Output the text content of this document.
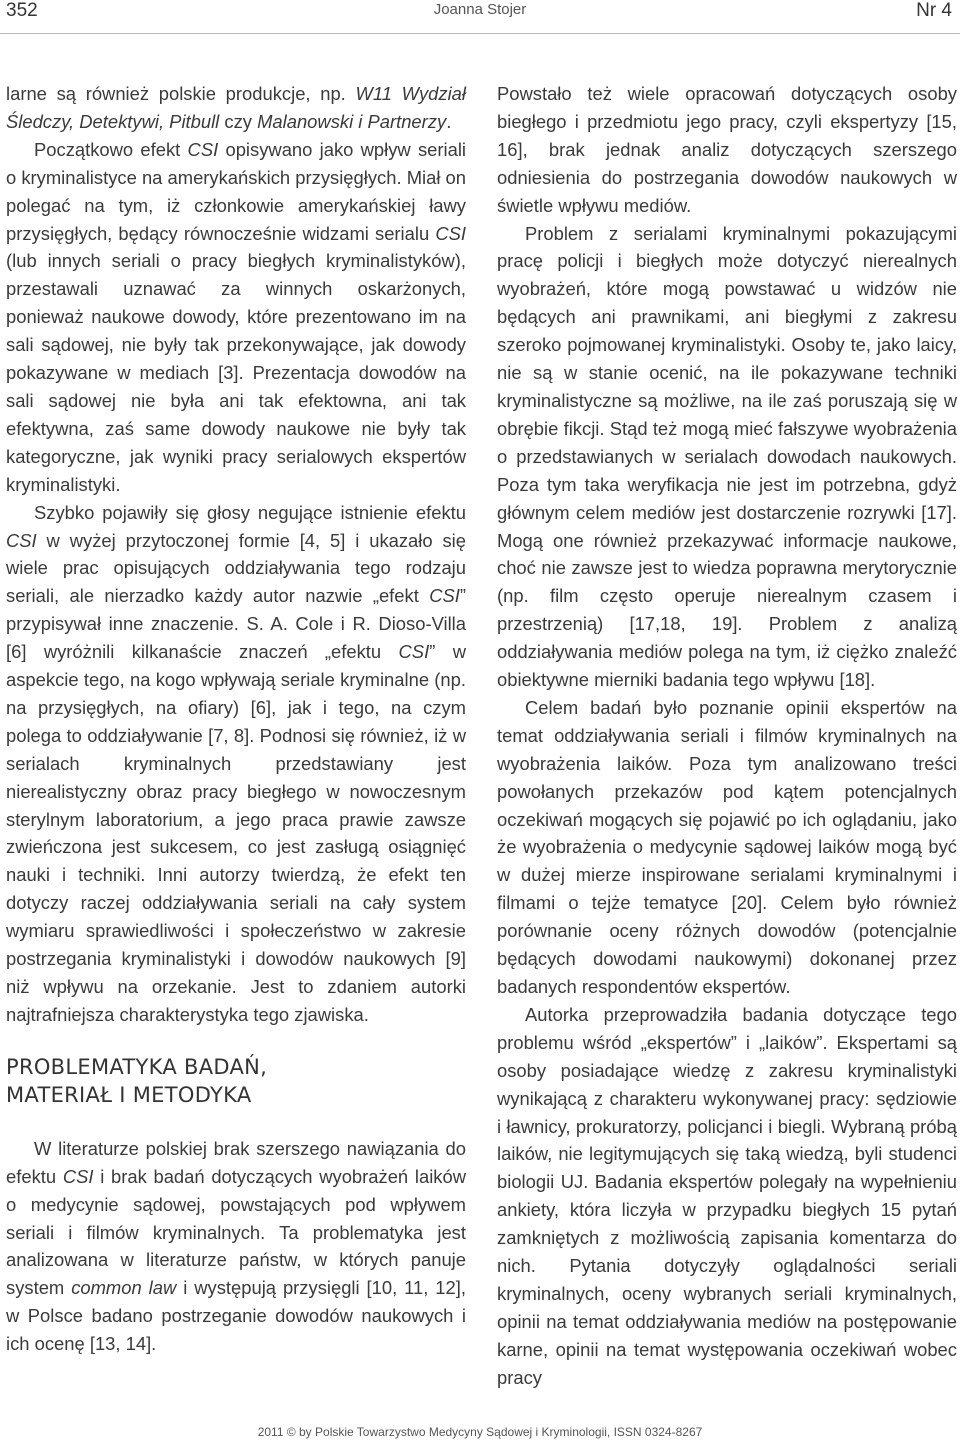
352	Joanna Stojer	Nr 4

larne są również polskie produkcje, np. W11 Wydział Śledczy, Detektywi, Pitbull czy Malanowski i Partnerzy.

Początkowo efekt CSI opisywano jako wpływ seriali o kryminalistyce na amerykańskich przysięgłych. Miał on polegać na tym, iż członkowie amerykańskiej ławy przysięgłych, będący równocześnie widzami serialu CSI (lub innych seriali o pracy biegłych kryminalistyków), przestawali uznawać za winnych oskarżonych, ponieważ naukowe dowody, które prezentowano im na sali sądowej, nie były tak przekonywające, jak dowody pokazywane w mediach [3]. Prezentacja dowodów na sali sądowej nie była ani tak efektowna, ani tak efektywna, zaś same dowody naukowe nie były tak kategoryczne, jak wyniki pracy serialowych ekspertów kryminalistyki.

Szybko pojawiły się głosy negujące istnienie efektu CSI w wyżej przytoczonej formie [4, 5] i ukazało się wiele prac opisujących oddziaływania tego rodzaju seriali, ale nierzadko każdy autor nazwie „efekt CSI” przypisywał inne znaczenie. S. A. Cole i R. Dioso-Villa [6] wyróżnili kilkanaście znaczeń „efektu CSI” w aspekcie tego, na kogo wpływają seriale kryminalne (np. na przysięgłych, na ofiary) [6], jak i tego, na czym polega to oddziaływanie [7, 8]. Podnosi się również, iż w serialach kryminalnych przedstawiany jest nierealistyczny obraz pracy biegłego w nowoczesnym sterylnym laboratorium, a jego praca prawie zawsze zwieńczona jest sukcesem, co jest zasługą osiągnięć nauki i techniki. Inni autorzy twierdzą, że efekt ten dotyczy raczej oddziaływania seriali na cały system wymiaru sprawiedliwości i społeczeństwo w zakresie postrzegania kryminalistyki i dowodów naukowych [9] niż wpływu na orzekanie. Jest to zdaniem autorki najtrafniejsza charakterystyka tego zjawiska.

PROBLEMATYKA BADAŃ,
MATERIAŁ I METODYKA

W literaturze polskiej brak szerszego nawiązania do efektu CSI i brak badań dotyczących wyobrażeń laików o medycynie sądowej, powstających pod wpływem seriali i filmów kryminalnych. Ta problematyka jest analizowana w literaturze państw, w których panuje system common law i występują przysięgli [10, 11, 12], w Polsce badano postrzeganie dowodów naukowych i ich ocenę [13, 14].

Powstało też wiele opracowań dotyczących osoby biegłego i przedmiotu jego pracy, czyli ekspertyzy [15, 16], brak jednak analiz dotyczących szerszego odniesienia do postrzegania dowodów naukowych w świetle wpływu mediów.

Problem z serialami kryminalnymi pokazującymi pracę policji i biegłych może dotyczyć nierealnych wyobrażeń, które mogą powstawać u widzów nie będących ani prawnikami, ani biegłymi z zakresu szeroko pojmowanej kryminalistyki. Osoby te, jako laicy, nie są w stanie ocenić, na ile pokazywane techniki kryminalistyczne są możliwe, na ile zaś poruszają się w obrębie fikcji. Stąd też mogą mieć fałszywe wyobrażenia o przedstawianych w serialach dowodach naukowych. Poza tym taka weryfikacja nie jest im potrzebna, gdyż głównym celem mediów jest dostarczenie rozrywki [17]. Mogą one również przekazywać informacje naukowe, choć nie zawsze jest to wiedza poprawna merytorycznie (np. film często operuje nierealnym czasem i przestrzenią) [17,18, 19]. Problem z analizą oddziaływania mediów polega na tym, iż ciężko znaleźć obiektywne mierniki badania tego wpływu [18].

Celem badań było poznanie opinii ekspertów na temat oddziaływania seriali i filmów kryminalnych na wyobrażenia laików. Poza tym analizowano treści powołanych przekazów pod kątem potencjalnych oczekiwań mogących się pojawić po ich oglądaniu, jako że wyobrażenia o medycynie sądowej laików mogą być w dużej mierze inspirowane serialami kryminalnymi i filmami o tejże tematyce [20]. Celem było również porównanie oceny różnych dowodów (potencjalnie będących dowodami naukowymi) dokonanej przez badanych respondentów ekspertów.

Autorka przeprowadziła badania dotyczące tego problemu wśród „ekspertów” i „laików”. Ekspertami są osoby posiadające wiedzę z zakresu kryminalistyki wynikającą z charakteru wykonywanej pracy: sędziowie i ławnicy, prokuratorzy, policjanci i biegli. Wybraną próbą laików, nie legitymujących się taką wiedzą, byli studenci biologii UJ. Badania ekspertów polegały na wypełnieniu ankiety, która liczyła w przypadku biegłych 15 pytań zamkniętych z możliwością zapisania komentarza do nich. Pytania dotyczyły oglądalności seriali kryminalnych, oceny wybranych seriali kryminalnych, opinii na temat oddziaływania mediów na postępowanie karne, opinii na temat występowania oczekiwań wobec pracy

2011 © by Polskie Towarzystwo Medycyny Sądowej i Kryminologii, ISSN 0324-8267
